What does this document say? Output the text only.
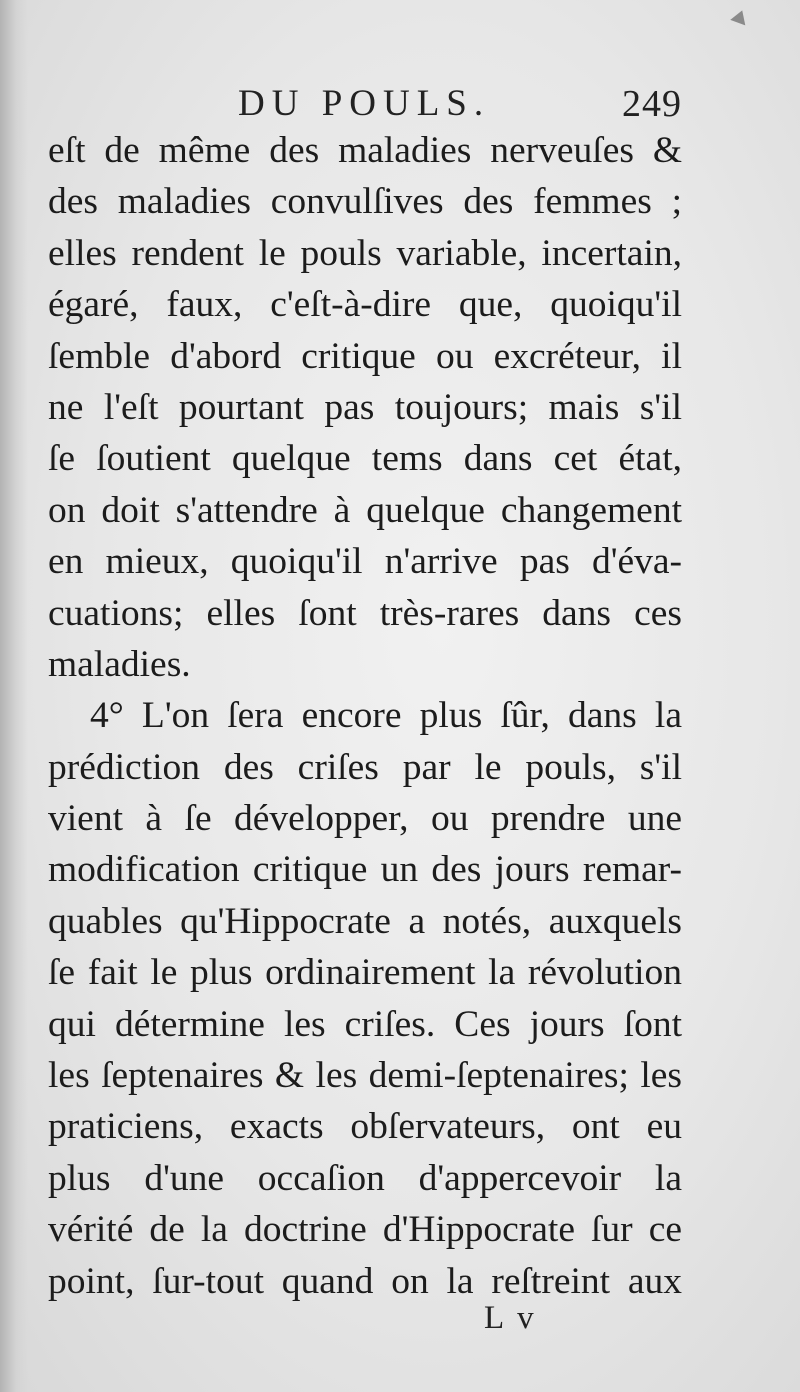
DU POULS.	249
eſt de même des maladies nerveuſes &
des maladies convulſives des femmes ;
elles rendent le pouls variable, incertain,
égaré, faux, c'eſt-à-dire que, quoiqu'il
ſemble d'abord critique ou excréteur, il
ne l'eſt pourtant pas toujours; mais s'il
ſe ſoutient quelque tems dans cet état,
on doit s'attendre à quelque changement
en mieux, quoiqu'il n'arrive pas d'éva-
cuations; elles ſont très-rares dans ces
maladies.
4° L'on ſera encore plus ſûr, dans la
prédiction des criſes par le pouls, s'il
vient à ſe développer, ou prendre une
modification critique un des jours remar-
quables qu'Hippocrate a notés, auxquels
ſe fait le plus ordinairement la révolution
qui détermine les criſes. Ces jours ſont
les ſeptenaires & les demi-ſeptenaires; les
praticiens, exacts obſervateurs, ont eu
plus d'une occaſion d'appercevoir la
vérité de la doctrine d'Hippocrate ſur ce
point, ſur-tout quand on la reſtreint aux
L v
